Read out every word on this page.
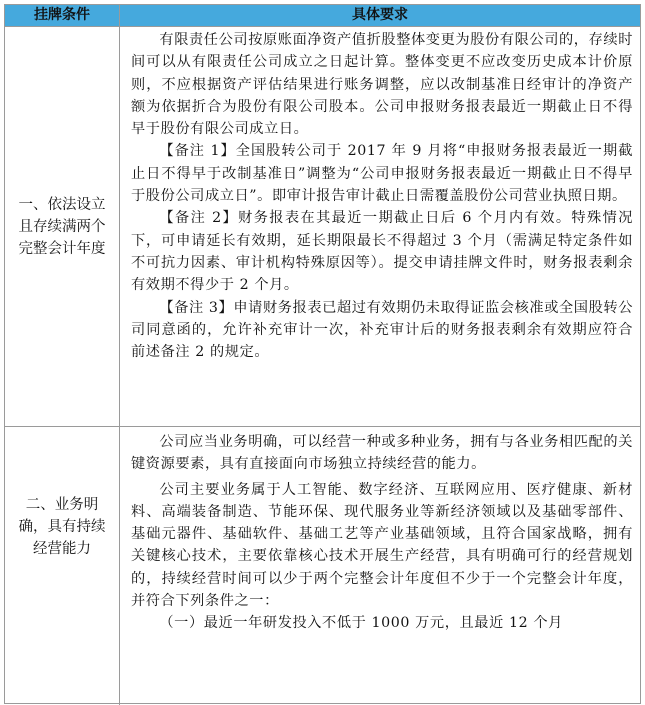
挂牌条件	具体要求
一、依法设立且存续满两个完整会计年度

有限责任公司按原账面净资产值折股整体变更为股份有限公司的，存续时间可以从有限责任公司成立之日起计算。整体变更不应改变历史成本计价原则，不应根据资产评估结果进行账务调整，应以改制基准日经审计的净资产额为依据折合为股份有限公司股本。公司申报财务报表最近一期截止日不得早于股份有限公司成立日。

【备注 1】全国股转公司于 2017 年 9 月将“申报财务报表最近一期截止日不得早于改制基准日”调整为“公司申报财务报表最近一期截止日不得早于股份公司成立日”。即审计报告审计截止日需覆盖股份公司营业执照日期。

【备注 2】财务报表在其最近一期截止日后 6 个月内有效。特殊情况下，可申请延长有效期，延长期限最长不得超过 3 个月（需满足特定条件如不可抗力因素、审计机构特殊原因等）。提交申请挂牌文件时，财务报表剩余有效期不得少于 2 个月。

【备注 3】申请财务报表已超过有效期仍未取得证监会核准或全国股转公司同意函的，允许补充审计一次，补充审计后的财务报表剩余有效期应符合前述备注 2 的规定。

二、业务明确，具有持续经营能力

公司应当业务明确，可以经营一种或多种业务，拥有与各业务相匹配的关键资源要素，具有直接面向市场独立持续经营的能力。

公司主要业务属于人工智能、数字经济、互联网应用、医疗健康、新材料、高端装备制造、节能环保、现代服务业等新经济领域以及基础零部件、基础元器件、基础软件、基础工艺等产业基础领域，且符合国家战略，拥有关键核心技术，主要依靠核心技术开展生产经营，具有明确可行的经营规划的，持续经营时间可以少于两个完整会计年度但不少于一个完整会计年度，并符合下列条件之一：

（一）最近一年研发投入不低于 1000 万元，且最近 12 个月
